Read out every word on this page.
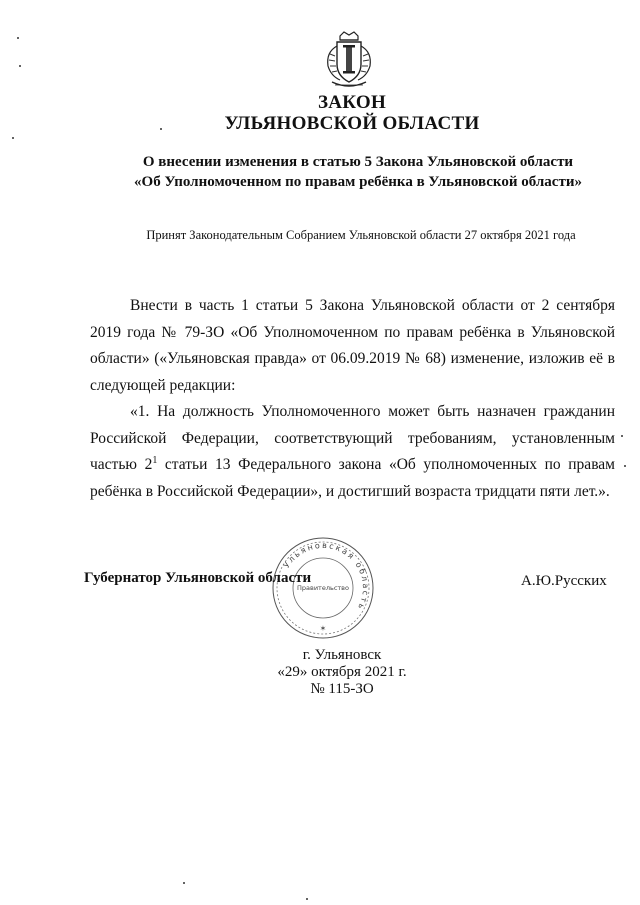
ЗАКОН
УЛЬЯНОВСКОЙ ОБЛАСТИ
О внесении изменения в статью 5 Закона Ульяновской области
«Об Уполномоченном по правам ребёнка в Ульяновской области»
Принят Законодательным Собранием Ульяновской области 27 октября 2021 года

Внести в часть 1 статьи 5 Закона Ульяновской области от 2 сентября 2019 года № 79-ЗО «Об Уполномоченном по правам ребёнка в Ульяновской области» («Ульяновская правда» от 06.09.2019 № 68) изменение, изложив её в следующей редакции:

«1. На должность Уполномоченного может быть назначен гражданин Российской Федерации, соответствующий требованиям, установленным частью $2^1$ статьи 13 Федерального закона «Об уполномоченных по правам ребёнка в Российской Федерации», и достигший возраста тридцати пяти лет.».

Ульяновская область
Правительство
✶
Губернатор Ульяновской области	А.Ю.Русских
г. Ульяновск
«29» октября 2021 г.
№ 115-ЗО
